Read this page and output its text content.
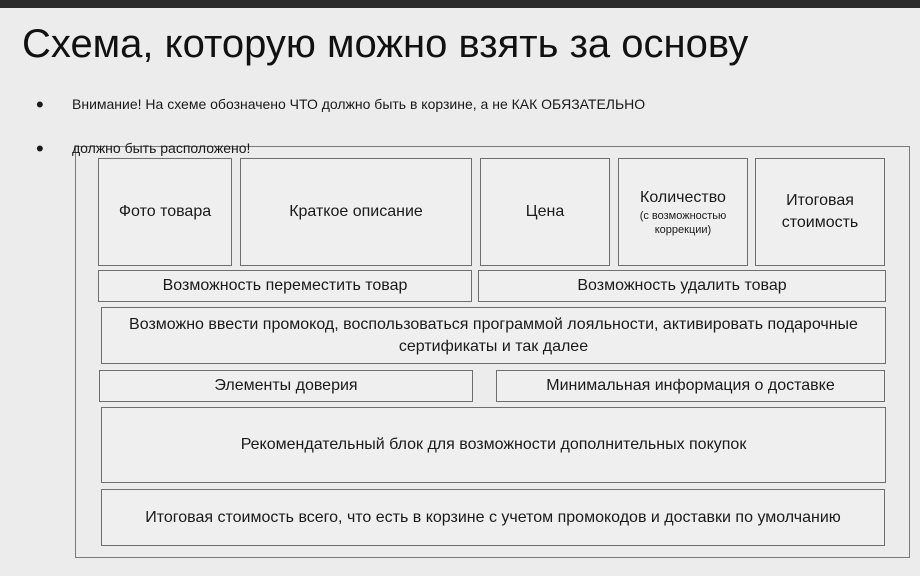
Схема, которую можно взять за основу
• Внимание! На схеме обозначено ЧТО должно быть в корзине, а не КАК ОБЯЗАТЕЛЬНО
• должно быть расположено!
Фото товара	Краткое описание	Цена
Количество
(с возможностью коррекции)
Итоговая стоимость
Возможность переместить товар	Возможность удалить товар
Возможно ввести промокод, воспользоваться программой лояльности, активировать подарочные сертификаты и так далее
Элементы доверия	Минимальная информация о доставке
Рекомендательный блок для возможности дополнительных покупок
Итоговая стоимость всего, что есть в корзине с учетом промокодов и доставки по умолчанию
